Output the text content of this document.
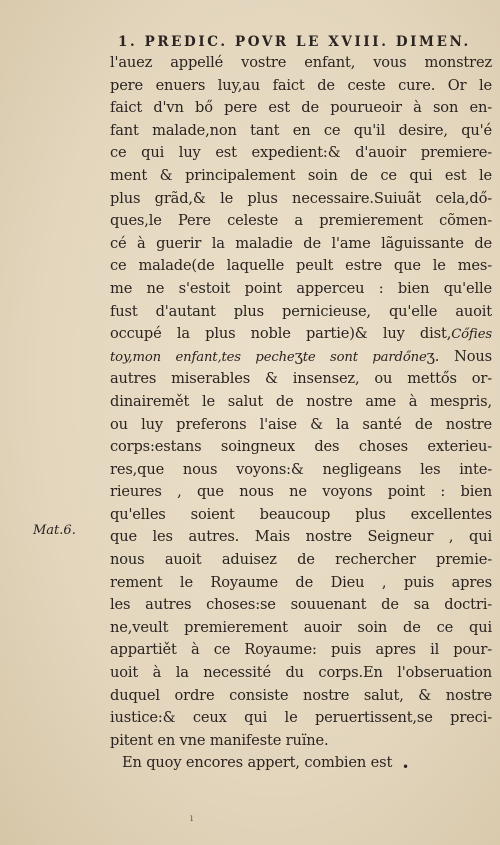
1. PREDIC. POVR LE XVIII. DIMEN.
l'auez appellé vostre enfant, vous monstrez
pere enuers luy,au faict de ceste cure. Or le
faict d'vn bő pere est de pourueoir à son en-
fant malade,non tant en ce qu'il desire, qu'é
ce qui luy est expedient:& d'auoir premiere-
ment & principalement soin de ce qui est le
plus grãd,& le plus necessaire.Suiuãt cela,dő-
ques,le Pere celeste a premierement cõmen-
cé à guerir la maladie de l'ame lãguissante de
ce malade(de laquelle peult estre que le mes-
me ne s'estoit point apperceu : bien qu'elle
fust d'autant plus pernicieuse, qu'elle auoit
occupé la plus noble partie)& luy dist,Cőfies
toy,mon enfant,tes pecheʒte sont pardőneʒ. Nous
autres miserables & insensez, ou mettős or-
dinairemět le salut de nostre ame à mespris,
ou luy preferons l'aise & la santé de nostre
corps:estans soingneux des choses exterieu-
res,que nous voyons:& negligeans les inte-
rieures , que nous ne voyons point : bien
qu'elles soient beaucoup plus excellentes
que les autres. Mais nostre Seigneur , qui
nous auoit aduisez de rechercher premie-
rement le Royaume de Dieu , puis apres
les autres choses:se souuenant de sa doctri-
ne,veult premierement auoir soin de ce qui
appartiět à ce Royaume: puis apres il pour-
uoit à la necessité du corps.En l'obseruation
duquel ordre consiste nostre salut, & nostre
iustice:& ceux qui le peruertissent,se preci-
pitent en vne manifeste ruïne.
En quoy encores appert, combien est
Mat.6.
•
ı
